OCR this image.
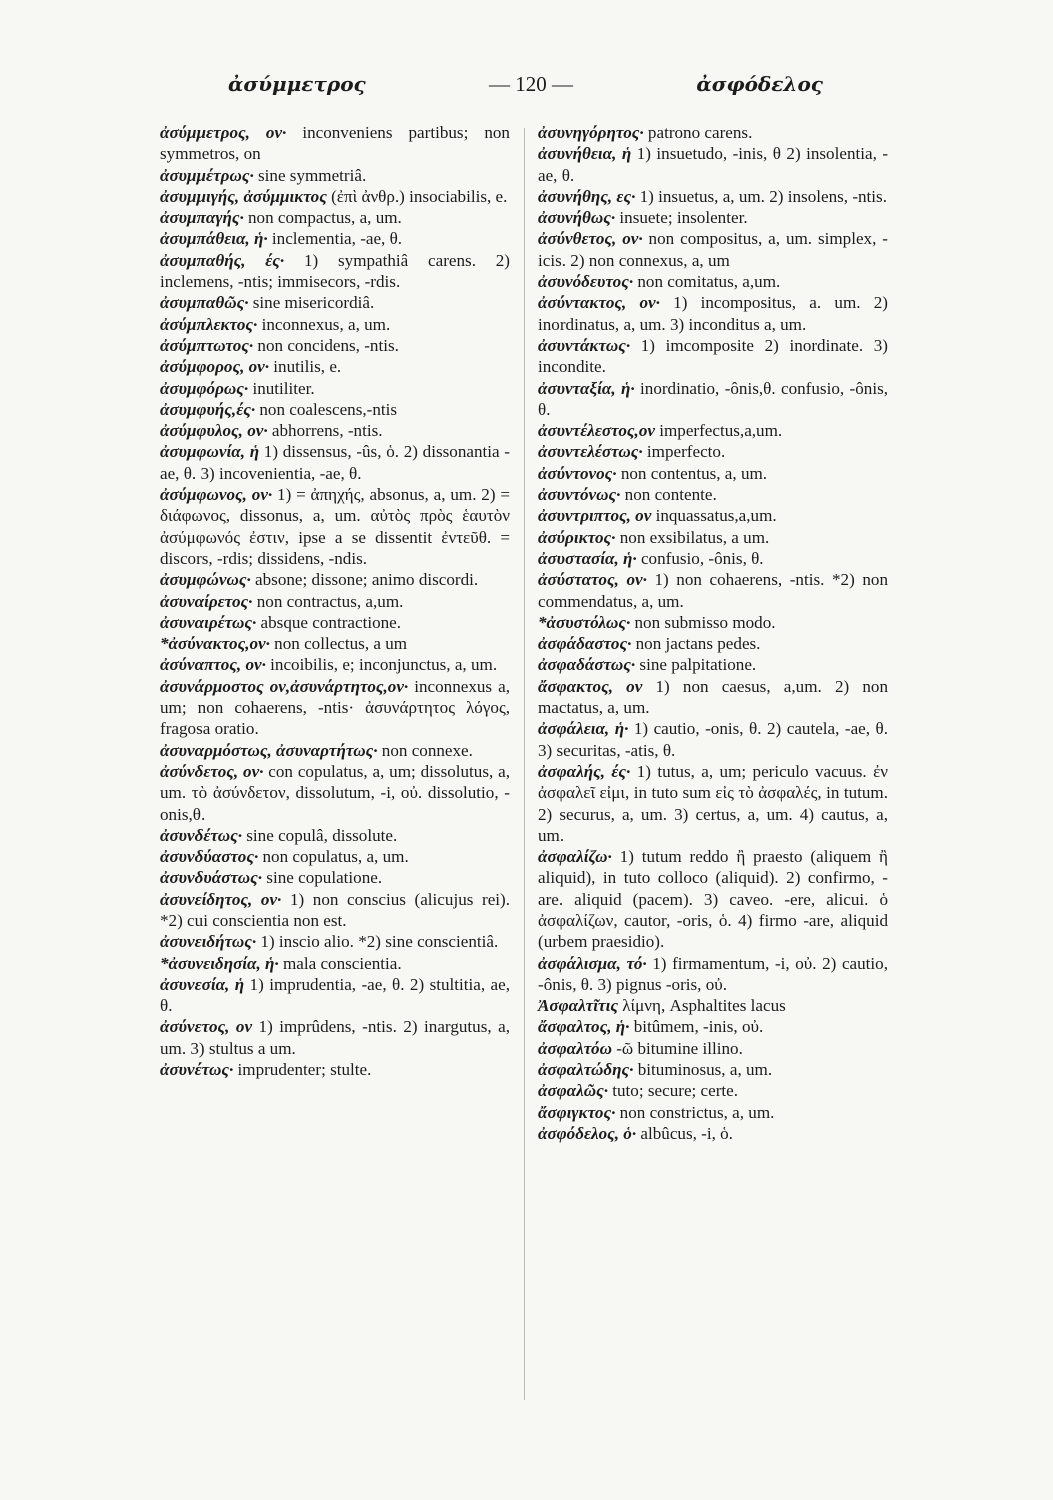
ἀσύμμετρος	— 120 —	ἀσφόδελος

ἀσύμμετρος, ον· inconveniens partibus; non symmetros, on

ἀσυμμέτρως· sine symmetriâ.

ἀσυμμιγής, ἀσύμμικτος (ἐπὶ ἀνθρ.) insociabilis, e.

ἀσυμπαγής· non compactus, a, um.

ἀσυμπάθεια, ἡ· inclementia, -ae, θ.

ἀσυμπαθής, ές· 1) sympathiâ carens. 2) inclemens, -ntis; immisecors, -rdis.

ἀσυμπαθῶς· sine misericordiâ.

ἀσύμπλεκτος· inconnexus, a, um.

ἀσύμπτωτος· non concidens, -ntis.

ἀσύμφορος, ον· inutilis, e.

ἀσυμφόρως· inutiliter.

ἀσυμφυής,ές· non coalescens,-ntis

ἀσύμφυλος, ον· abhorrens, -ntis.

ἀσυμφωνία, ἡ 1) dissensus, -ûs, ὁ. 2) dissonantia -ae, θ. 3) incovenientia, -ae, θ.

ἀσύμφωνος, ον· 1) = ἀπηχής, absonus, a, um. 2) = διάφωνος, dissonus, a, um. αὐτὸς πρὸς ἑαυτὸν ἀσύμφωνός ἐστιν, ipse a se dissentit ἐντεῦθ. = discors, -rdis; dissidens, -ndis.

ἀσυμφώνως· absone; dissone; animo discordi.

ἀσυναίρετος· non contractus, a,um.

ἀσυναιρέτως· absque contractione.

*ἀσύνακτος,ον· non collectus, a um

ἀσύναπτος, ον· incoibilis, e; inconjunctus, a, um.

ἀσυνάρμοστος ον,ἀσυνάρτητος,ον· inconnexus a, um; non cohaerens, -ntis· ἀσυνάρτητος λόγος, fragosa oratio.

ἀσυναρμόστως, ἀσυναρτήτως· non connexe.

ἀσύνδετος, ον· con copulatus, a, um; dissolutus, a, um. τὸ ἀσύνδετον, dissolutum, -i, οὐ. dissolutio, -onis,θ.

ἀσυνδέτως· sine copulâ, dissolute.

ἀσυνδύαστος· non copulatus, a, um.

ἀσυνδυάστως· sine copulatione.

ἀσυνείδητος, ον· 1) non conscius (alicujus rei). *2) cui conscientia non est.

ἀσυνειδήτως· 1) inscio alio. *2) sine conscientiâ.

*ἀσυνειδησία, ἡ· mala conscientia.

ἀσυνεσία, ἡ 1) imprudentia, -ae, θ. 2) stultitia, ae, θ.

ἀσύνετος, ον 1) imprûdens, -ntis. 2) inargutus, a, um. 3) stultus a um.

ἀσυνέτως· imprudenter; stulte.

ἀσυνηγόρητος· patrono carens.

ἀσυνήθεια, ἡ 1) insuetudo, -inis, θ 2) insolentia, -ae, θ.

ἀσυνήθης, ες· 1) insuetus, a, um. 2) insolens, -ntis.

ἀσυνήθως· insuete; insolenter.

ἀσύνθετος, ον· non compositus, a, um. simplex, -icis. 2) non connexus, a, um

ἀσυνόδευτος· non comitatus, a,um.

ἀσύντακτος, ον· 1) incompositus, a. um. 2) inordinatus, a, um. 3) inconditus a, um.

ἀσυντάκτως· 1) imcomposite 2) inordinate. 3) incondite.

ἀσυνταξία, ἡ· inordinatio, -ônis,θ. confusio, -ônis, θ.

ἀσυντέλεστος,ον imperfectus,a,um.

ἀσυντελέστως· imperfecto.

ἀσύντονος· non contentus, a, um.

ἀσυντόνως· non contente.

ἀσυντριπτος, ον inquassatus,a,um.

ἀσύρικτος· non exsibilatus, a um.

ἀσυστασία, ἡ· confusio, -ônis, θ.

ἀσύστατος, ον· 1) non cohaerens, -ntis. *2) non commendatus, a, um.

*ἀσυστόλως· non submisso modo.

ἀσφάδαστος· non jactans pedes.

ἀσφαδάστως· sine palpitatione.

ἄσφακτος, ον 1) non caesus, a,um. 2) non mactatus, a, um.

ἀσφάλεια, ἡ· 1) cautio, -onis, θ. 2) cautela, -ae, θ. 3) securitas, -atis, θ.

ἀσφαλής, ές· 1) tutus, a, um; periculo vacuus. ἐν ἀσφαλεῖ εἰμι, in tuto sum εἰς τὸ ἀσφαλές, in tutum. 2) securus, a, um. 3) certus, a, um. 4) cautus, a, um.

ἀσφαλίζω· 1) tutum reddo ἢ praesto (aliquem ἢ aliquid), in tuto colloco (aliquid). 2) confirmo, -are. aliquid (pacem). 3) caveo. -ere, alicui. ὁ ἀσφαλίζων, cautor, -oris, ὁ. 4) firmo -are, aliquid (urbem praesidio).

ἀσφάλισμα, τό· 1) firmamentum, -i, οὐ. 2) cautio, -ônis, θ. 3) pignus -oris, οὐ.

Ἀσφαλτῖτις λίμνη, Asphaltites lacus

ἄσφαλτος, ἡ· bitûmem, -inis, οὐ.

ἀσφαλτόω -ῶ bitumine illino.

ἀσφαλτώδης· bituminosus, a, um.

ἀσφαλῶς· tuto; secure; certe.

ἄσφιγκτος· non constrictus, a, um.

ἀσφόδελος, ὁ· albûcus, -i, ὁ.
